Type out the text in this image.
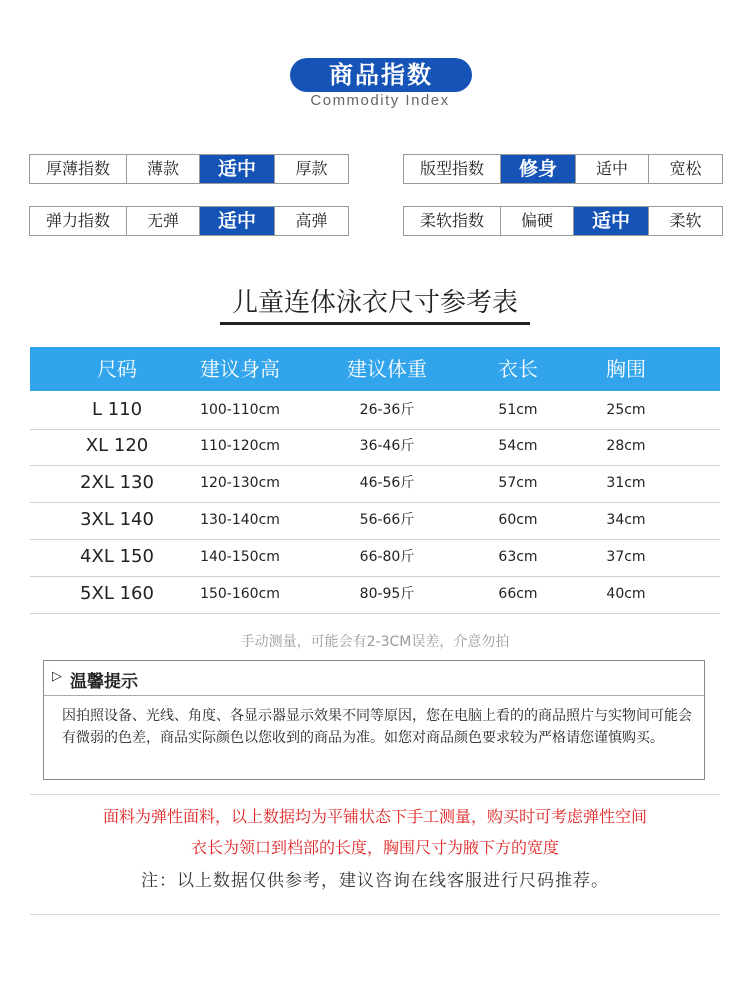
商品指数
Commodity Index
厚薄指数	薄款	适中	厚款	版型指数	修身	适中	宽松
弹力指数	无弹	适中	高弹	柔软指数	偏硬	适中	柔软
儿童连体泳衣尺寸参考表
尺码	建议身高	建议体重	衣长	胸围
L 110	100-110cm	26-36斤	51cm	25cm
XL 120	110-120cm	36-46斤	54cm	28cm
2XL 130	120-130cm	46-56斤	57cm	31cm
3XL 140	130-140cm	56-66斤	60cm	34cm
4XL 150	140-150cm	66-80斤	63cm	37cm
5XL 160	150-160cm	80-95斤	66cm	40cm
手动测量，可能会有2-3CM误差，介意勿拍
▷ 温馨提示
因拍照设备、光线、角度、各显示器显示效果不同等原因，您在电脑上看的的商品照片与实物间可能会有微弱的色差，商品实际颜色以您收到的商品为准。如您对商品颜色要求较为严格请您谨慎购买。
面料为弹性面料，以上数据均为平铺状态下手工测量，购买时可考虑弹性空间
衣长为领口到档部的长度，胸围尺寸为腋下方的宽度
注：以上数据仅供参考，建议咨询在线客服进行尺码推荐。
